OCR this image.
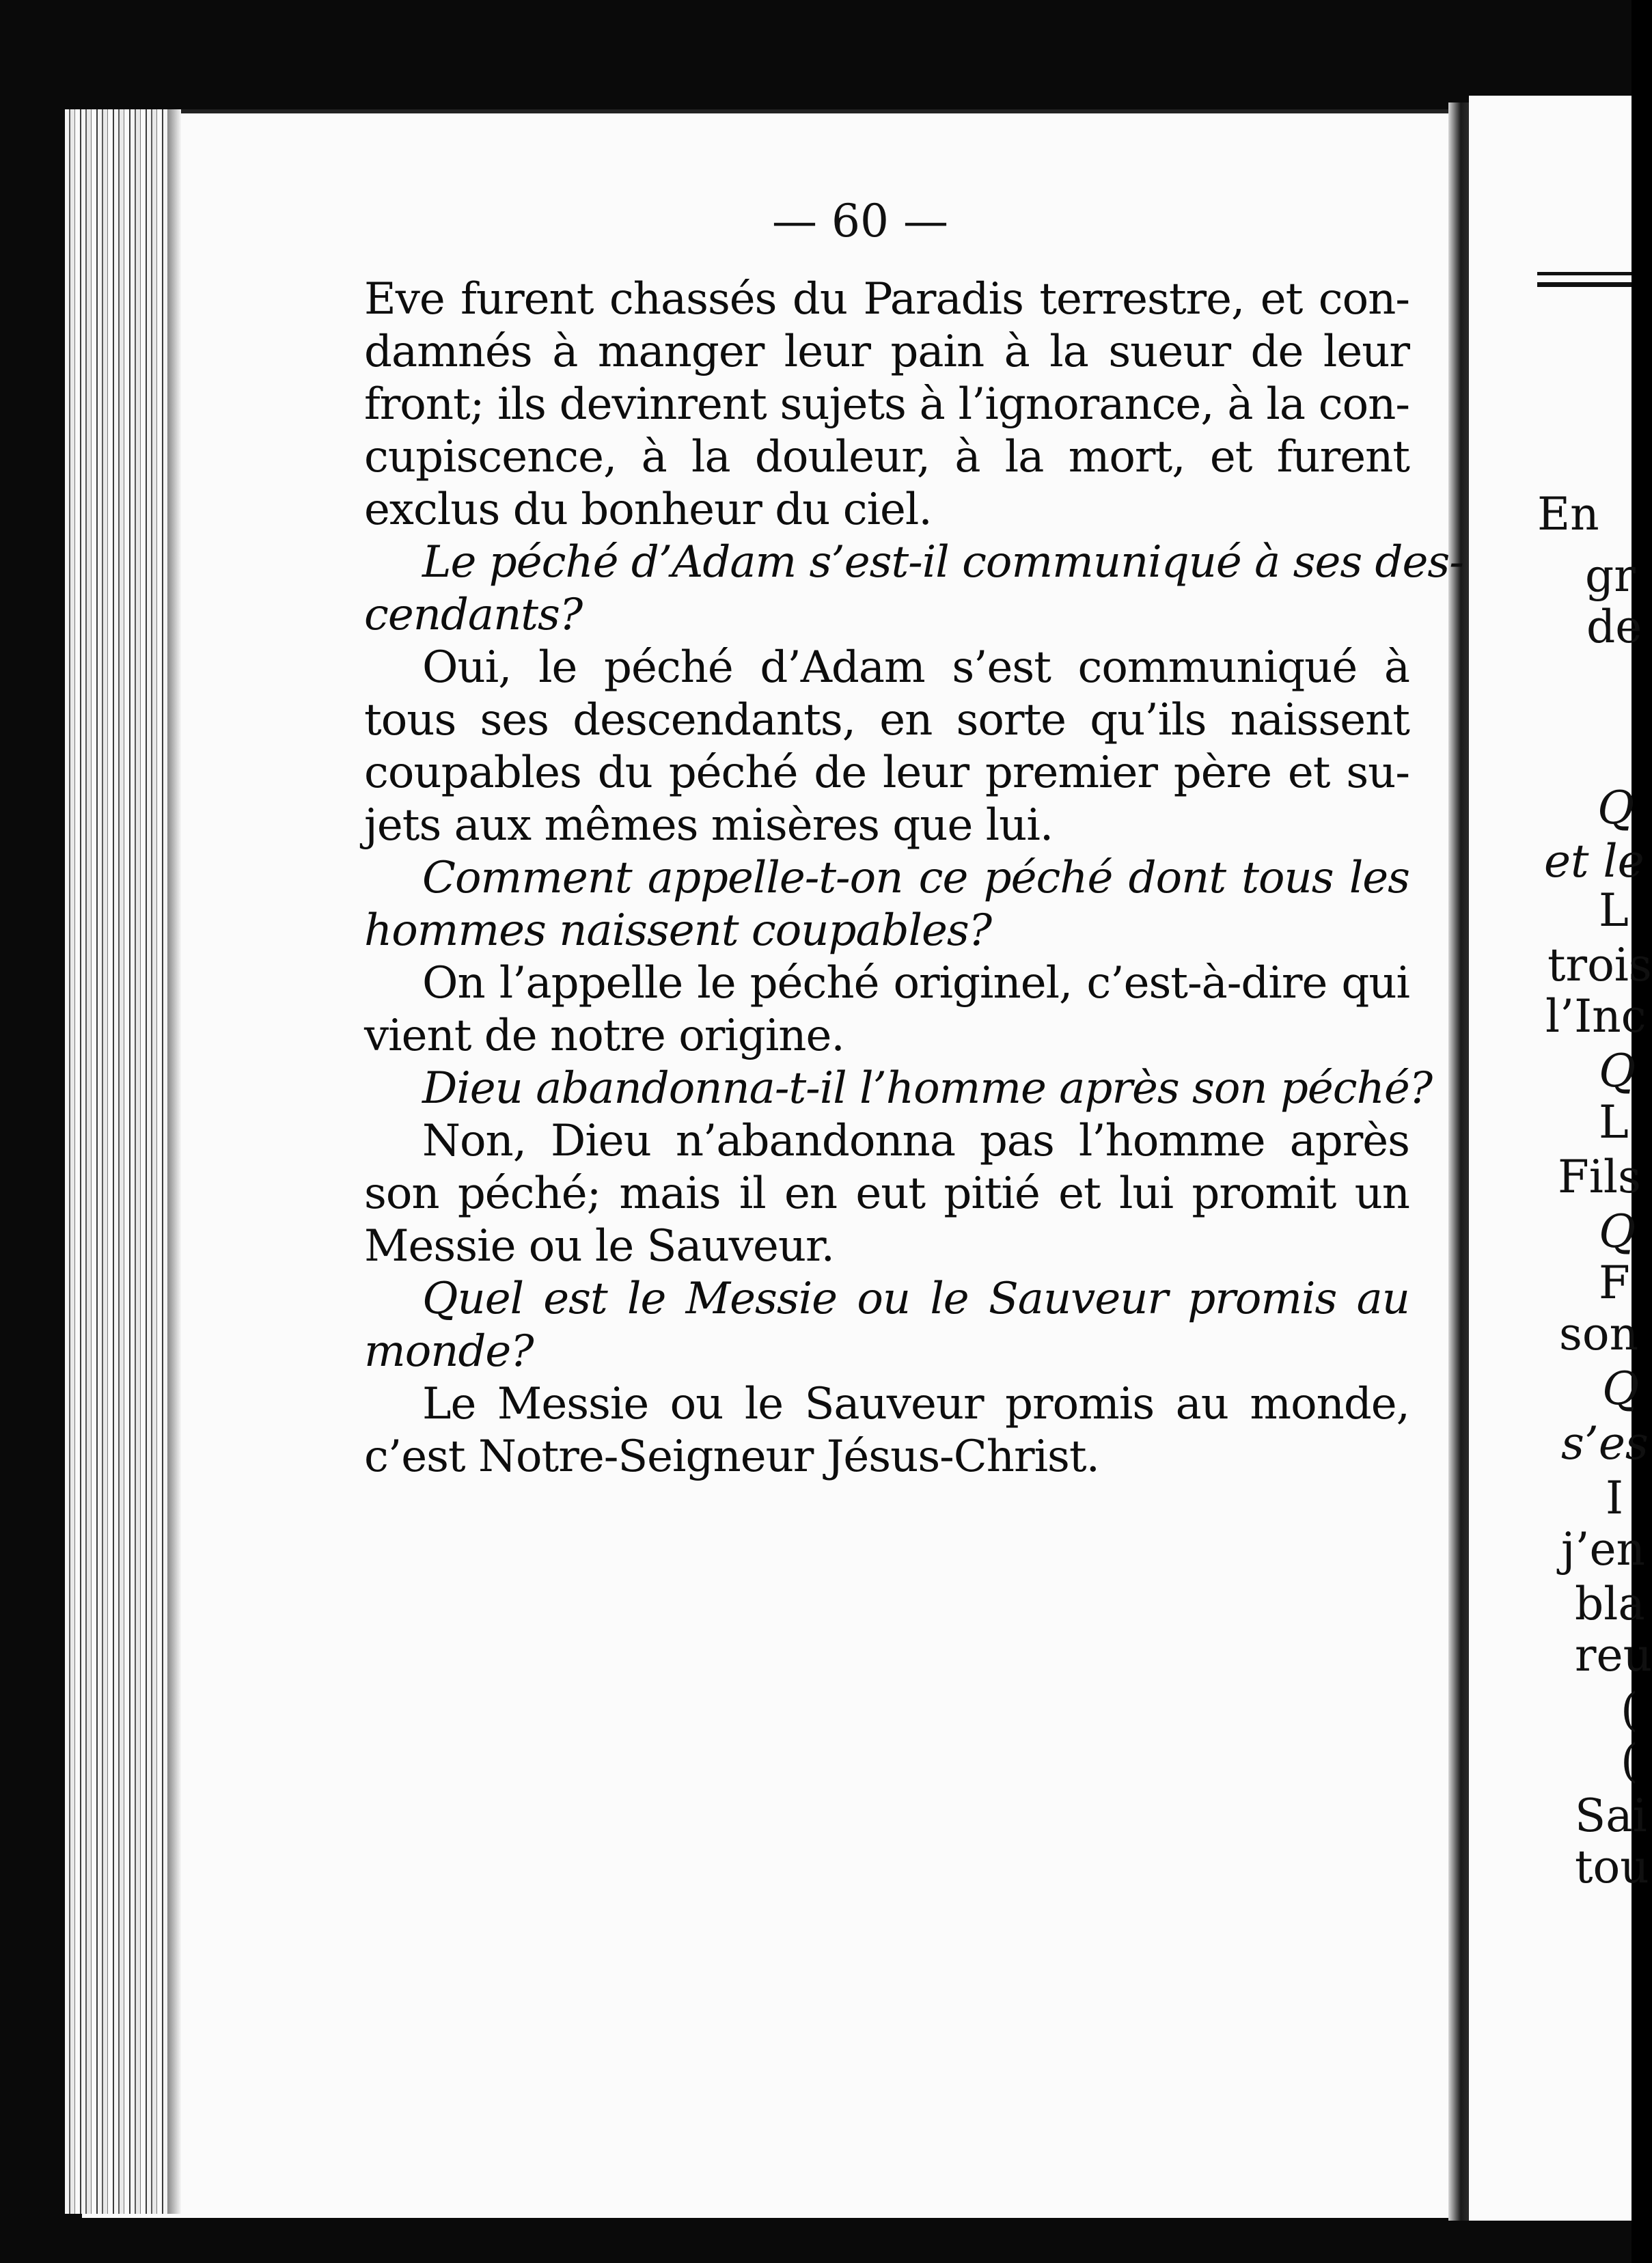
— 60 —
Eve furent chassés du Paradis terrestre, et con-
damnés à manger leur pain à la sueur de leur
front; ils devinrent sujets à l’ignorance, à la con-
cupiscence, à la douleur, à la mort, et furent
exclus du bonheur du ciel.
Le péché d’Adam s’est-il communiqué à ses des-
cendants?
Oui, le péché d’Adam s’est communiqué à
tous ses descendants, en sorte qu’ils naissent
coupables du péché de leur premier père et su-
jets aux mêmes misères que lui.
Comment appelle-t-on ce péché dont tous les
hommes naissent coupables?
On l’appelle le péché originel, c’est-à-dire qui
vient de notre origine.
Dieu abandonna-t-il l’homme après son péché?
Non, Dieu n’abandonna pas l’homme après
son péché; mais il en eut pitié et lui promit un
Messie ou le Sauveur.
Quel est le Messie ou le Sauveur promis au
monde?
Le Messie ou le Sauveur promis au monde,
c’est Notre-Seigneur Jésus-Christ.
En
gr
de
Q
et le
L
trois
l’Inc
Q
L
Fils
Q
F
son
Q
s’es
I
j’en
bla
reu
(
(
Sai
tou
